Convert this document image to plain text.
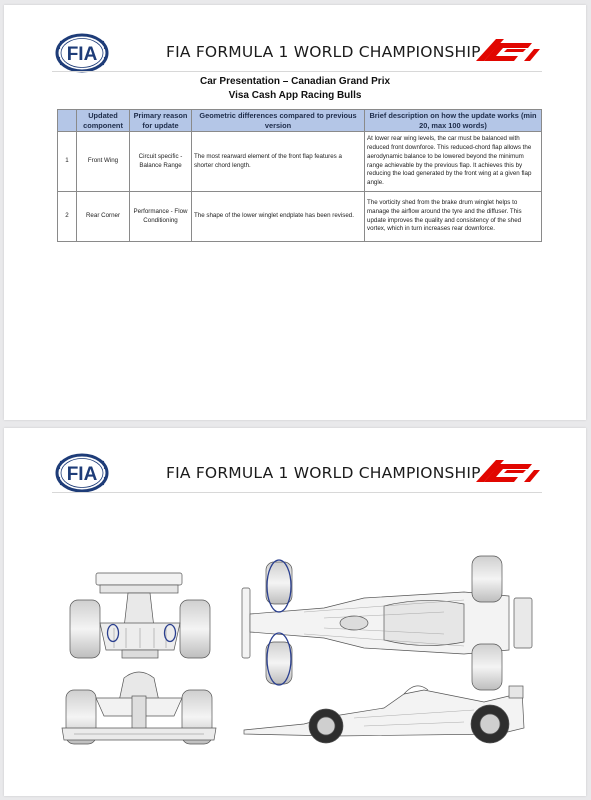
FIA	FIA FORMULA 1 WORLD CHAMPIONSHIP
Car Presentation – Canadian Grand Prix
Visa Cash App Racing Bulls
	Updated component	Primary reason for update	Geometric differences compared to previous version	Brief description on how the update works (min 20, max 100 words)
1	Front Wing	Circuit specific - Balance Range	The most rearward element of the front flap features a shorter chord length.	At lower rear wing levels, the car must be balanced with reduced front downforce. This reduced-chord flap allows the aerodynamic balance to be lowered beyond the minimum range achievable by the previous flap. It achieves this by reducing the load generated by the front wing at a given flap angle.
2	Rear Corner	Performance - Flow Conditioning	The shape of the lower winglet endplate has been revised.	The vorticity shed from the brake drum winglet helps to manage the airflow around the tyre and the diffuser. This update improves the quality and consistency of the shed vortex, which in turn increases rear downforce.
FIA	FIA FORMULA 1 WORLD CHAMPIONSHIP
